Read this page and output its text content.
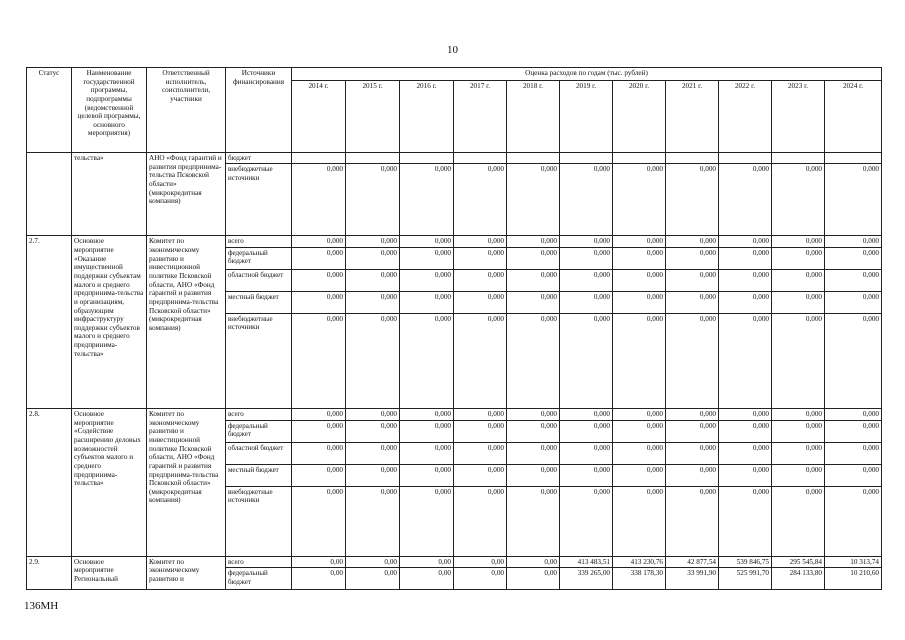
10
Статус	Наименование государственной программы, подпрограммы (ведомственной целевой программы, основного мероприятия)	Ответственный исполнитель, соисполнители, участники	Источники финансирования	Оценка расходов по годам (тыс. рублей)										
				2014 г.	2015 г.	2016 г.	2017 г.	2018 г.	2019 г.	2020 г.	2021 г.	2022 г.	2023 г.	2024 г.
	тельства»	АНО «Фонд гарантий и развития предпринима-тельства Псковской области» (микрокредитная компания)	бюджет											
			внебюджетные источники	0,000	0,000	0,000	0,000	0,000	0,000	0,000	0,000	0,000	0,000	0,000
2.7.	Основное мероприятие «Оказание имущественной поддержки субъектам малого и среднего предпринима-тельства и организациям, образующим инфраструктуру поддержки субъектов малого и среднего предпринима-тельства»	Комитет по экономическому развитию и инвестиционной политике Псковской области, АНО «Фонд гарантий и развития предпринима-тельства Псковской области» (микрокредитная компания)	всего	0,000	0,000	0,000	0,000	0,000	0,000	0,000	0,000	0,000	0,000	0,000
			федеральный бюджет	0,000	0,000	0,000	0,000	0,000	0,000	0,000	0,000	0,000	0,000	0,000
			областной бюджет	0,000	0,000	0,000	0,000	0,000	0,000	0,000	0,000	0,000	0,000	0,000
			местный бюджет	0,000	0,000	0,000	0,000	0,000	0,000	0,000	0,000	0,000	0,000	0,000
			внебюджетные источники	0,000	0,000	0,000	0,000	0,000	0,000	0,000	0,000	0,000	0,000	0,000
2.8.	Основное мероприятие «Содействие расширению деловых возможностей субъектов малого и среднего предпринима-тельства»	Комитет по экономическому развитию и инвестиционной политике Псковской области, АНО «Фонд гарантий и развития предпринима-тельства Псковской области» (микрокредитная компания)	всего	0,000	0,000	0,000	0,000	0,000	0,000	0,000	0,000	0,000	0,000	0,000
			федеральный бюджет	0,000	0,000	0,000	0,000	0,000	0,000	0,000	0,000	0,000	0,000	0,000
			областной бюджет	0,000	0,000	0,000	0,000	0,000	0,000	0,000	0,000	0,000	0,000	0,000
			местный бюджет	0,000	0,000	0,000	0,000	0,000	0,000	0,000	0,000	0,000	0,000	0,000
			внебюджетные источники	0,000	0,000	0,000	0,000	0,000	0,000	0,000	0,000	0,000	0,000	0,000
2.9.	Основное мероприятие Региональный	Комитет по экономическому развитию и	всего	0,00	0,00	0,00	0,00	0,00	413 483,51	413 230,76	42 877,54	539 846,75	295 545,84	10 313,74
			федеральный бюджет	0,00	0,00	0,00	0,00	0,00	339 265,00	338 178,30	33 991,90	525 991,70	284 133,80	10 210,60
136МН
